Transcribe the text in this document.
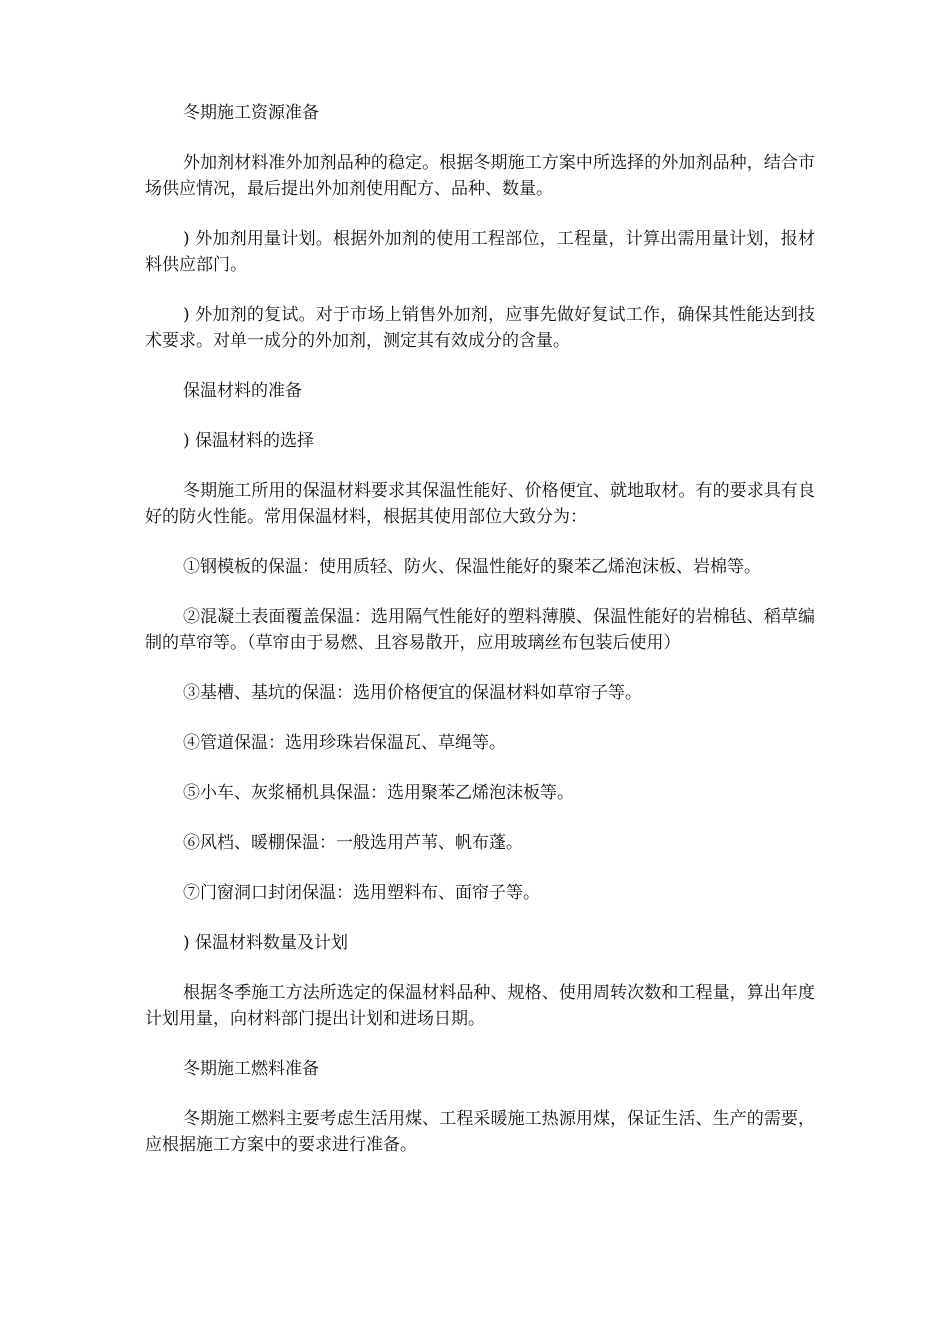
冬期施工资源准备

外加剂材料准外加剂品种的稳定。根据冬期施工方案中所选择的外加剂品种，结合市场供应情况，最后提出外加剂使用配方、品种、数量。

) 外加剂用量计划。根据外加剂的使用工程部位，工程量，计算出需用量计划，报材料供应部门。

) 外加剂的复试。对于市场上销售外加剂，应事先做好复试工作，确保其性能达到技术要求。对单一成分的外加剂，测定其有效成分的含量。

保温材料的准备

) 保温材料的选择

冬期施工所用的保温材料要求其保温性能好、价格便宜、就地取材。有的要求具有良好的防火性能。常用保温材料，根据其使用部位大致分为：

①钢模板的保温：使用质轻、防火、保温性能好的聚苯乙烯泡沫板、岩棉等。

②混凝土表面覆盖保温：选用隔气性能好的塑料薄膜、保温性能好的岩棉毡、稻草编制的草帘等。（草帘由于易燃、且容易散开，应用玻璃丝布包装后使用）

③基槽、基坑的保温：选用价格便宜的保温材料如草帘子等。

④管道保温：选用珍珠岩保温瓦、草绳等。

⑤小车、灰浆桶机具保温：选用聚苯乙烯泡沫板等。

⑥风档、暖棚保温：一般选用芦苇、帆布蓬。

⑦门窗洞口封闭保温：选用塑料布、面帘子等。

) 保温材料数量及计划

根据冬季施工方法所选定的保温材料品种、规格、使用周转次数和工程量，算出年度计划用量，向材料部门提出计划和进场日期。

冬期施工燃料准备

冬期施工燃料主要考虑生活用煤、工程采暖施工热源用煤，保证生活、生产的需要，应根据施工方案中的要求进行准备。
